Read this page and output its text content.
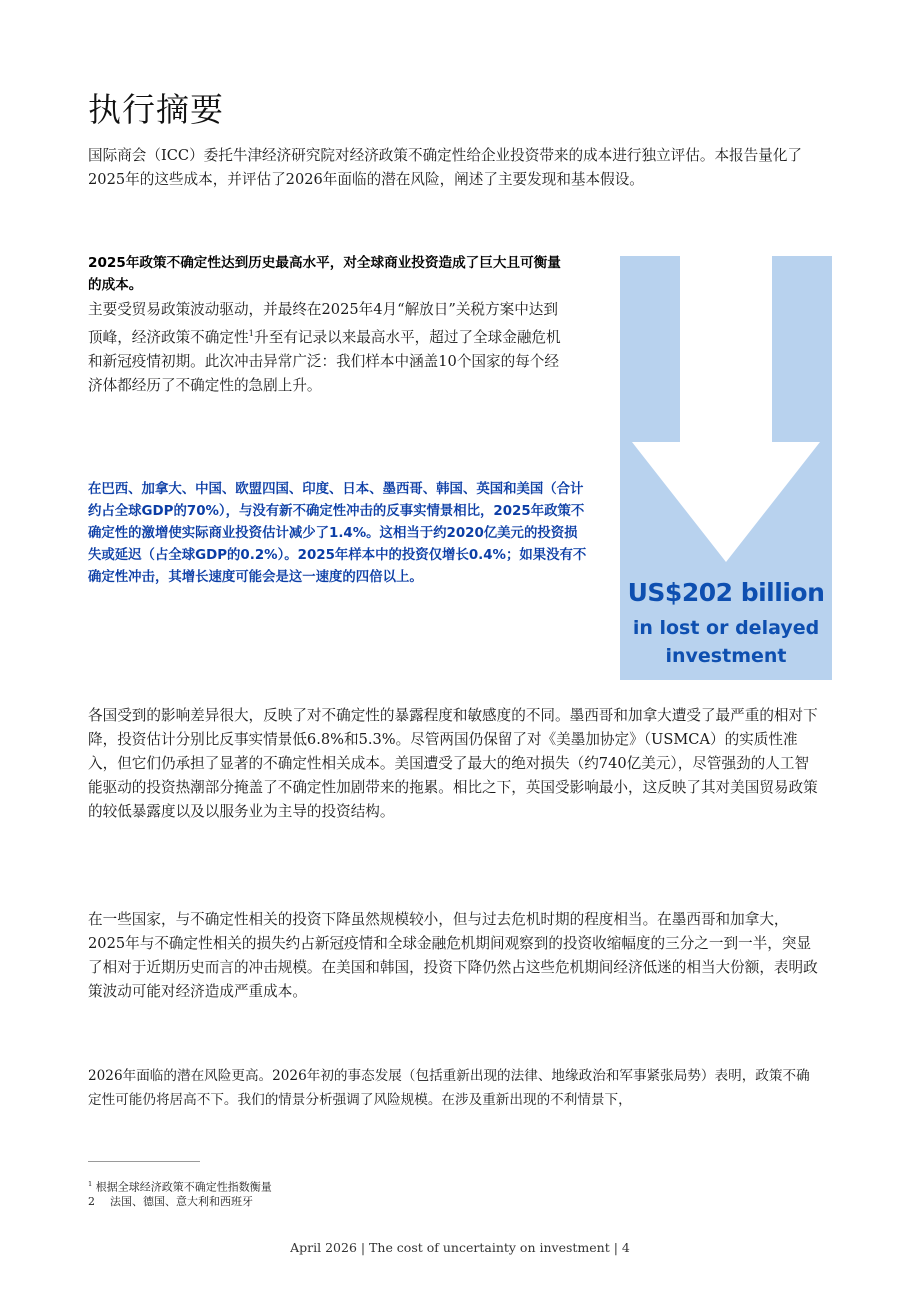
执行摘要

国际商会（ICC）委托牛津经济研究院对经济政策不确定性给企业投资带来的成本进行独立评估。本报告量化了2025年的这些成本，并评估了2026年面临的潜在风险，阐述了主要发现和基本假设。

2025年政策不确定性达到历史最高水平，对全球商业投资造成了巨大且可衡量的成本。

主要受贸易政策波动驱动，并最终在2025年4月“解放日”关税方案中达到顶峰，经济政策不确定性$^1$升至有记录以来最高水平，超过了全球金融危机和新冠疫情初期。此次冲击异常广泛：我们样本中涵盖10个国家的每个经济体都经历了不确定性的急剧上升。

在巴西、加拿大、中国、欧盟四国、印度、日本、墨西哥、韩国、英国和美国（合计约占全球GDP的70%），与没有新不确定性冲击的反事实情景相比，2025年政策不确定性的激增使实际商业投资估计减少了1.4%。这相当于约2020亿美元的投资损失或延迟（占全球GDP的0.2%）。2025年样本中的投资仅增长0.4%；如果没有不确定性冲击，其增长速度可能会是这一速度的四倍以上。

US$202 billion
in lost or delayed
investment

各国受到的影响差异很大，反映了对不确定性的暴露程度和敏感度的不同。墨西哥和加拿大遭受了最严重的相对下降，投资估计分别比反事实情景低6.8%和5.3%。尽管两国仍保留了对《美墨加协定》（USMCA）的实质性准入，但它们仍承担了显著的不确定性相关成本。美国遭受了最大的绝对损失（约740亿美元），尽管强劲的人工智能驱动的投资热潮部分掩盖了不确定性加剧带来的拖累。相比之下，英国受影响最小，这反映了其对美国贸易政策的较低暴露度以及以服务业为主导的投资结构。

在一些国家，与不确定性相关的投资下降虽然规模较小，但与过去危机时期的程度相当。在墨西哥和加拿大，2025年与不确定性相关的损失约占新冠疫情和全球金融危机期间观察到的投资收缩幅度的三分之一到一半，突显了相对于近期历史而言的冲击规模。在美国和韩国，投资下降仍然占这些危机期间经济低迷的相当大份额，表明政策波动可能对经济造成严重成本。

2026年面临的潜在风险更高。2026年初的事态发展（包括重新出现的法律、地缘政治和军事紧张局势）表明，政策不确定性可能仍将居高不下。我们的情景分析强调了风险规模。在涉及重新出现的不利情景下，

$^1$ 根据全球经济政策不确定性指数衡量

2 法国、德国、意大利和西班牙

April 2026 | The cost of uncertainty on investment | 4
